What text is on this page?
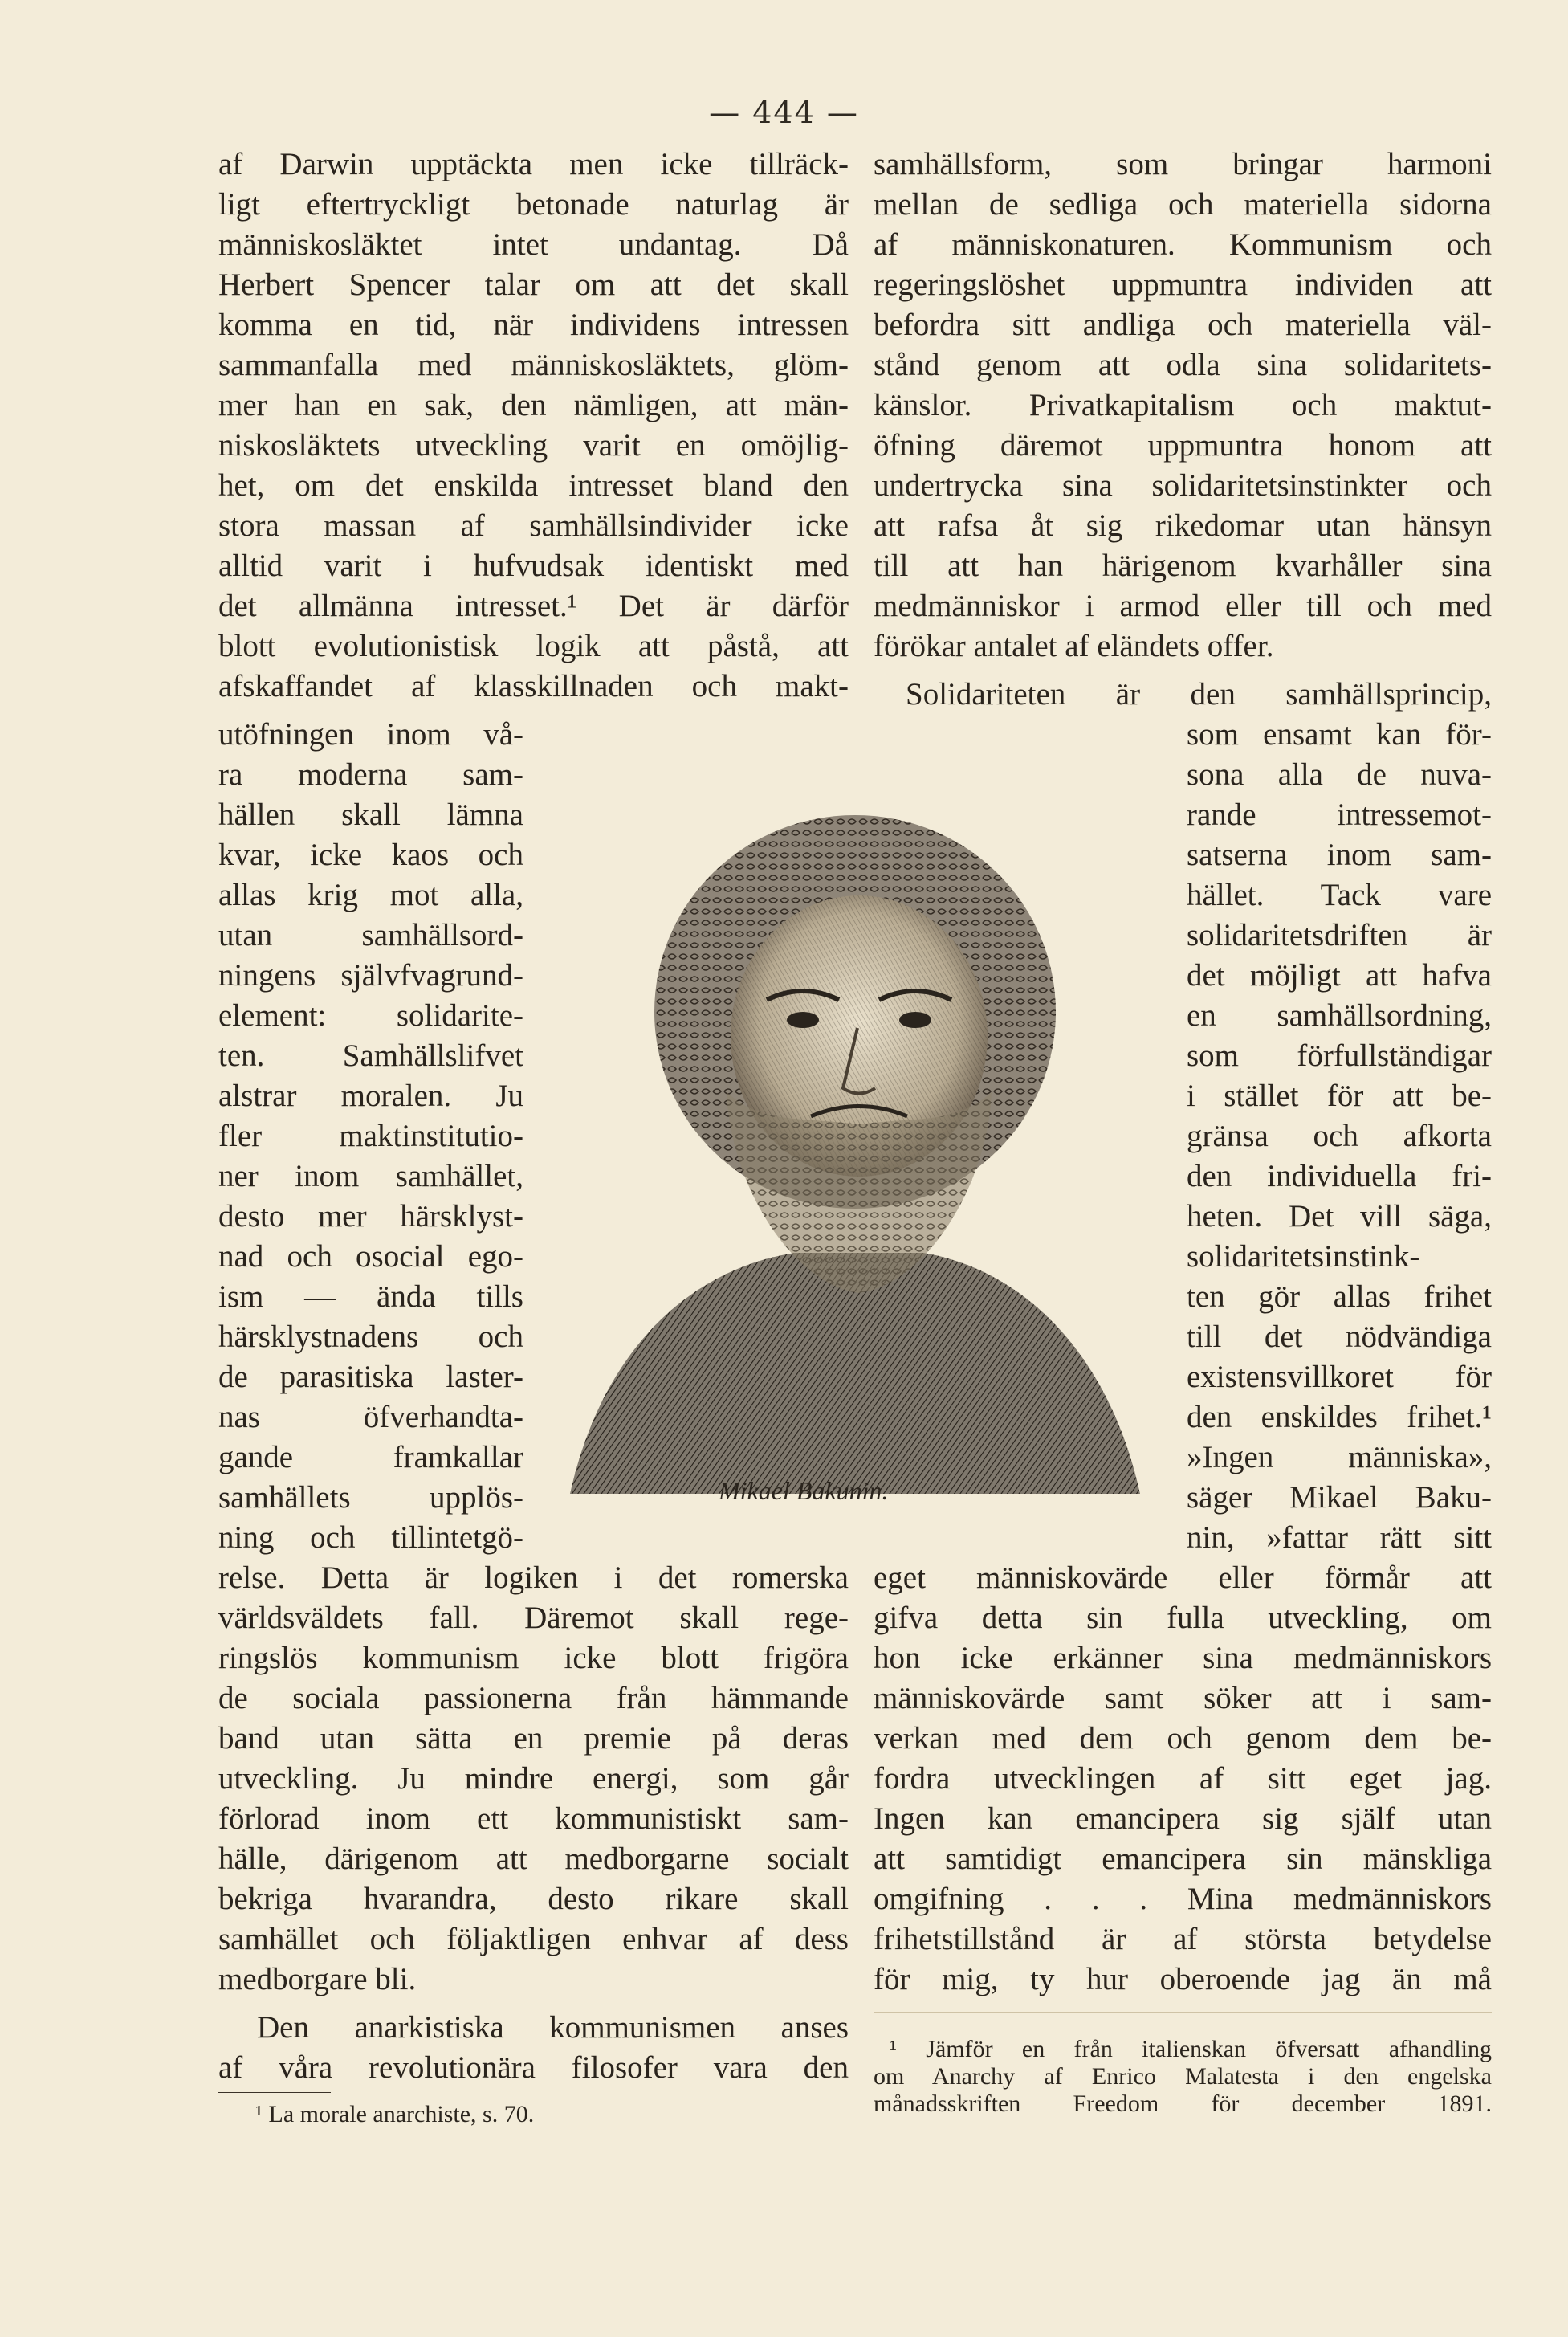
— 444 —
af Darwin upptäckta men icke tillräck-
ligt eftertryckligt betonade naturlag är
människosläktet intet undantag. Då
Herbert Spencer talar om att det skall
komma en tid, när individens intressen
sammanfalla med människosläktets, glöm-
mer han en sak, den nämligen, att män-
niskosläktets utveckling varit en omöjlig-
het, om det enskilda intresset bland den
stora massan af samhällsindivider icke
alltid varit i hufvudsak identiskt med
det allmänna intresset.¹ Det är därför
blott evolutionistisk logik att påstå, att
afskaffandet af klasskillnaden och makt-
utöfningen inom vå-
ra moderna sam-
hällen skall lämna
kvar, icke kaos och
allas krig mot alla,
utan samhällsord-
ningens självfvagrund-
element: solidarite-
ten. Samhällslifvet
alstrar moralen. Ju
fler maktinstitutio-
ner inom samhället,
desto mer härsklyst-
nad och osocial ego-
ism — ända tills
härsklystnadens och
de parasitiska laster-
nas öfverhandta-
gande framkallar
samhällets upplös-
ning och tillintetgö-
relse. Detta är logiken i det romerska
världsväldets fall. Däremot skall rege-
ringslös kommunism icke blott frigöra
de sociala passionerna från hämmande
band utan sätta en premie på deras
utveckling. Ju mindre energi, som går
förlorad inom ett kommunistiskt sam-
hälle, därigenom att medborgarne socialt
bekriga hvarandra, desto rikare skall
samhället och följaktligen enhvar af dess
medborgare bli.
Den anarkistiska kommunismen anses
af våra revolutionära filosofer vara den
¹ La morale anarchiste, s. 70.
samhällsform, som bringar harmoni
mellan de sedliga och materiella sidorna
af människonaturen. Kommunism och
regeringslöshet uppmuntra individen att
befordra sitt andliga och materiella väl-
stånd genom att odla sina solidaritets-
känslor. Privatkapitalism och maktut-
öfning däremot uppmuntra honom att
undertrycka sina solidaritetsinstinkter och
att rafsa åt sig rikedomar utan hänsyn
till att han härigenom kvarhåller sina
medmänniskor i armod eller till och med
förökar antalet af eländets offer.
Solidariteten är den samhällsprincip,
som ensamt kan för-
sona alla de nuva-
rande intressemot-
satserna inom sam-
hället. Tack vare
solidaritetsdriften är
det möjligt att hafva
en samhällsordning,
som förfullständigar
i stället för att be-
gränsa och afkorta
den individuella fri-
heten. Det vill säga,
solidaritetsinstink-
ten gör allas frihet
till det nödvändiga
existensvillkoret för
den enskildes frihet.¹
»Ingen människa»,
säger Mikael Baku-
nin, »fattar rätt sitt
eget människovärde eller förmår att
gifva detta sin fulla utveckling, om
hon icke erkänner sina medmänniskors
människovärde samt söker att i sam-
verkan med dem och genom dem be-
fordra utvecklingen af sitt eget jag.
Ingen kan emancipera sig själf utan
att samtidigt emancipera sin mänskliga
omgifning . . . Mina medmänniskors
frihetstillstånd är af största betydelse
för mig, ty hur oberoende jag än må
¹ Jämför en från italienskan öfversatt afhandling
om Anarchy af Enrico Malatesta i den engelska
månadsskriften Freedom för december 1891.
Mikael Bakunin.
